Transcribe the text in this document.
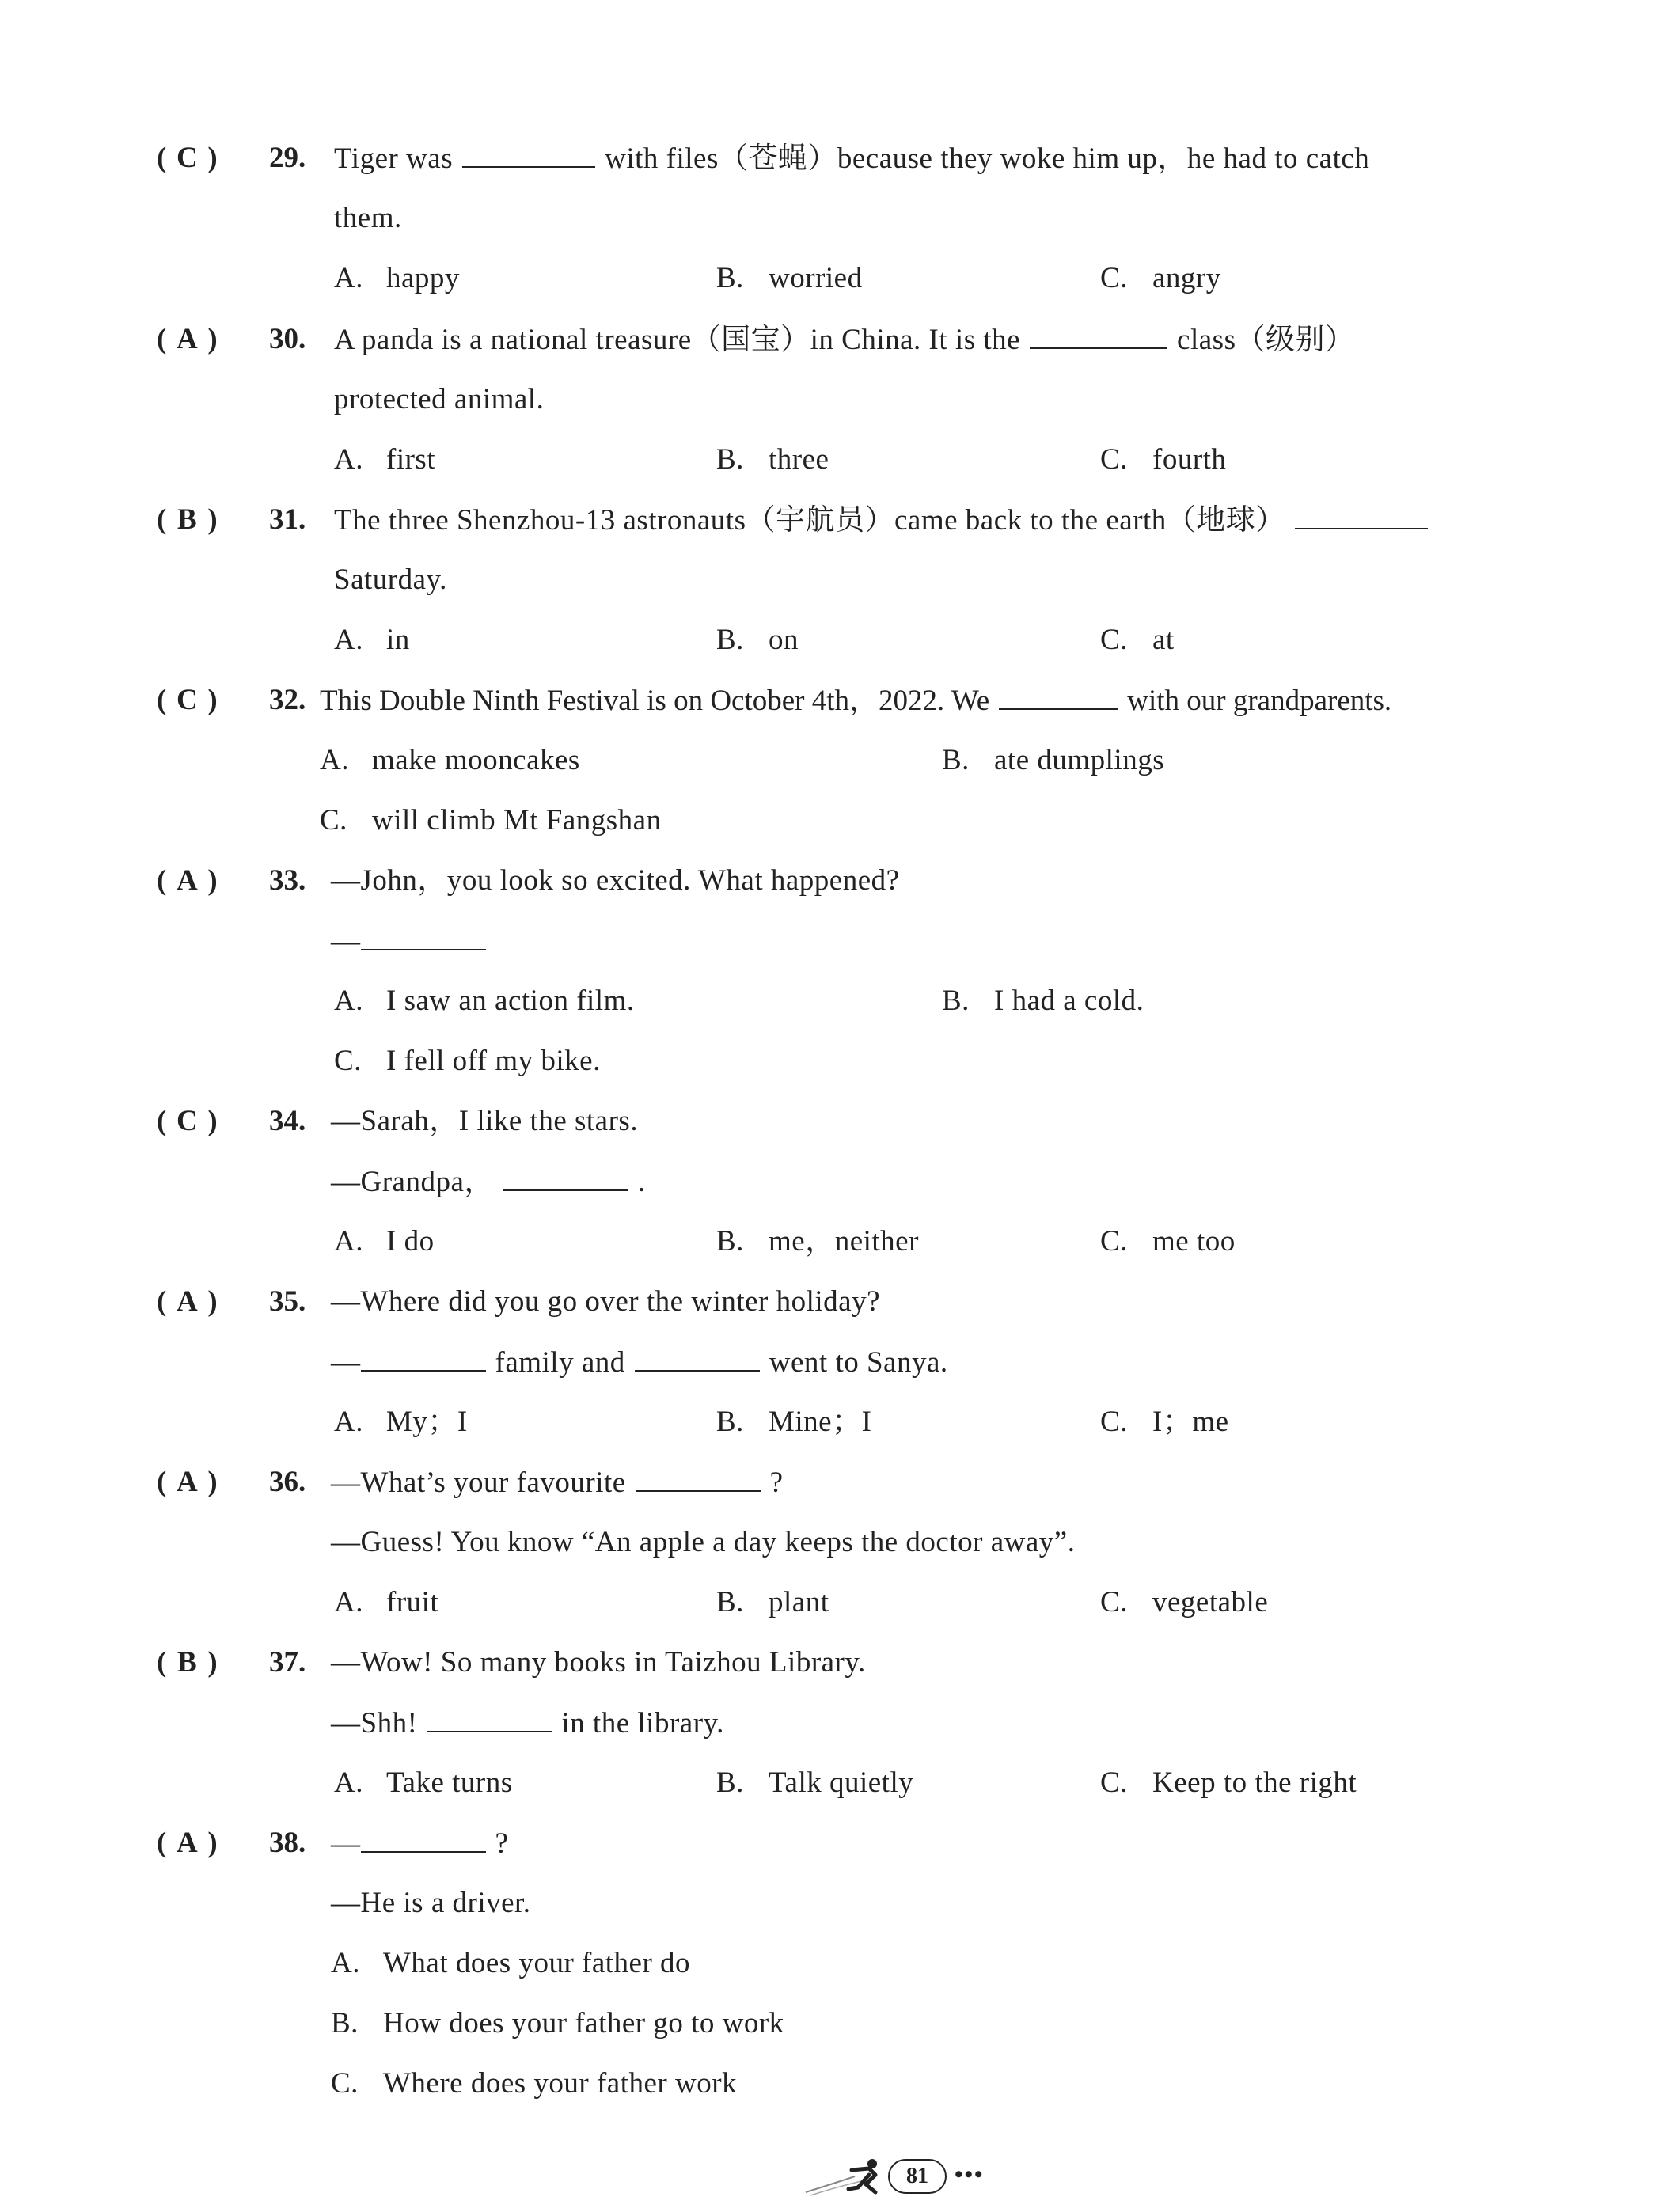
( C ) 29. Tiger was	with files（苍蝇）because they woke him up，he had to catch
them.
A. happy	B. worried	C. angry
( A ) 30. A panda is a national treasure（国宝）in China. It is the	class（级别）
protected animal.
A. first	B. three	C. fourth
( B ) 31. The three Shenzhou-13 astronauts（宇航员）came back to the earth（地球）
Saturday.
A. in	B. on	C. at
( C ) 32. This Double Ninth Festival is on October 4th，2022. We	with our grandparents.
A. make mooncakes	B. ate dumplings
C. will climb Mt Fangshan
( A ) 33. —John，you look so excited. What happened?
—
A. I saw an action film.	B. I had a cold.
C. I fell off my bike.
( C ) 34. —Sarah，I like the stars.
—Grandpa，	.
A. I do	B. me，neither	C. me too
( A ) 35. —Where did you go over the winter holiday?
—	family and	went to Sanya.
A. My；I	B. Mine；I	C. I；me
( A ) 36. —What’s your favourite	?
—Guess! You know “An apple a day keeps the doctor away”.
A. fruit	B. plant	C. vegetable
( B ) 37. —Wow! So many books in Taizhou Library.
—Shh!	in the library.
A. Take turns	B. Talk quietly	C. Keep to the right
( A ) 38. —	?
—He is a driver.
A. What does your father do
B. How does your father go to work
C. Where does your father work
81	•••
